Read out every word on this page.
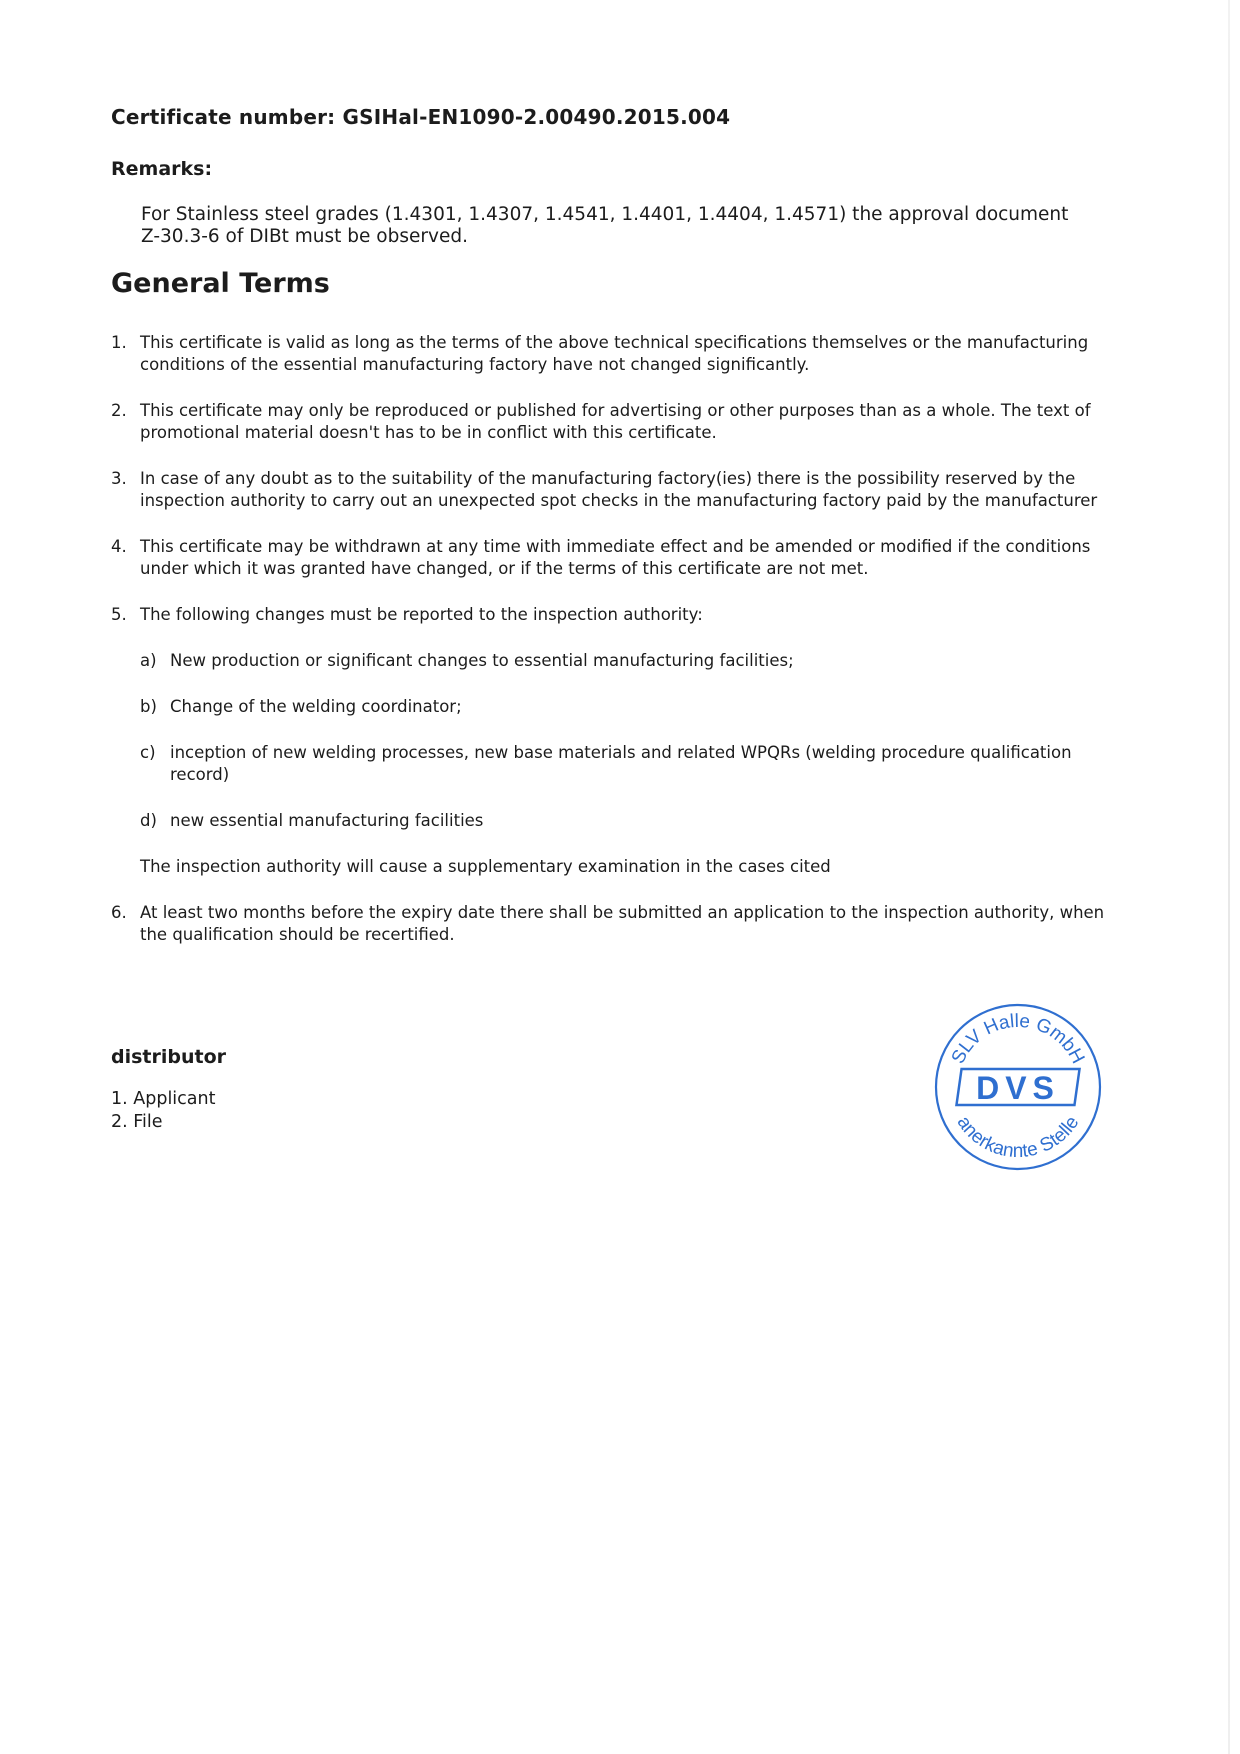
Certificate number: GSIHal-EN1090-2.00490.2015.004
Remarks:
For Stainless steel grades (1.4301, 1.4307, 1.4541, 1.4401, 1.4404, 1.4571) the approval document
Z-30.3-6 of DIBt must be observed.
General Terms
1. This certificate is valid as long as the terms of the above technical specifications themselves or the manufacturing conditions of the essential manufacturing factory have not changed significantly.
2. This certificate may only be reproduced or published for advertising or other purposes than as a whole. The text of promotional material doesn't has to be in conflict with this certificate.
3. In case of any doubt as to the suitability of the manufacturing factory(ies) there is the possibility reserved by the inspection authority to carry out an unexpected spot checks in the manufacturing factory paid by the manufacturer
4. This certificate may be withdrawn at any time with immediate effect and be amended or modified if the conditions under which it was granted have changed, or if the terms of this certificate are not met.
5. The following changes must be reported to the inspection authority:
a) New production or significant changes to essential manufacturing facilities;
b) Change of the welding coordinator;
c) inception of new welding processes, new base materials and related WPQRs (welding procedure qualification record)
d) new essential manufacturing facilities
The inspection authority will cause a supplementary examination in the cases cited
6. At least two months before the expiry date there shall be submitted an application to the inspection authority, when the qualification should be recertified.
distributor
1. Applicant
2. File
SLV Halle GmbH
anerkannte Stelle
DVS
